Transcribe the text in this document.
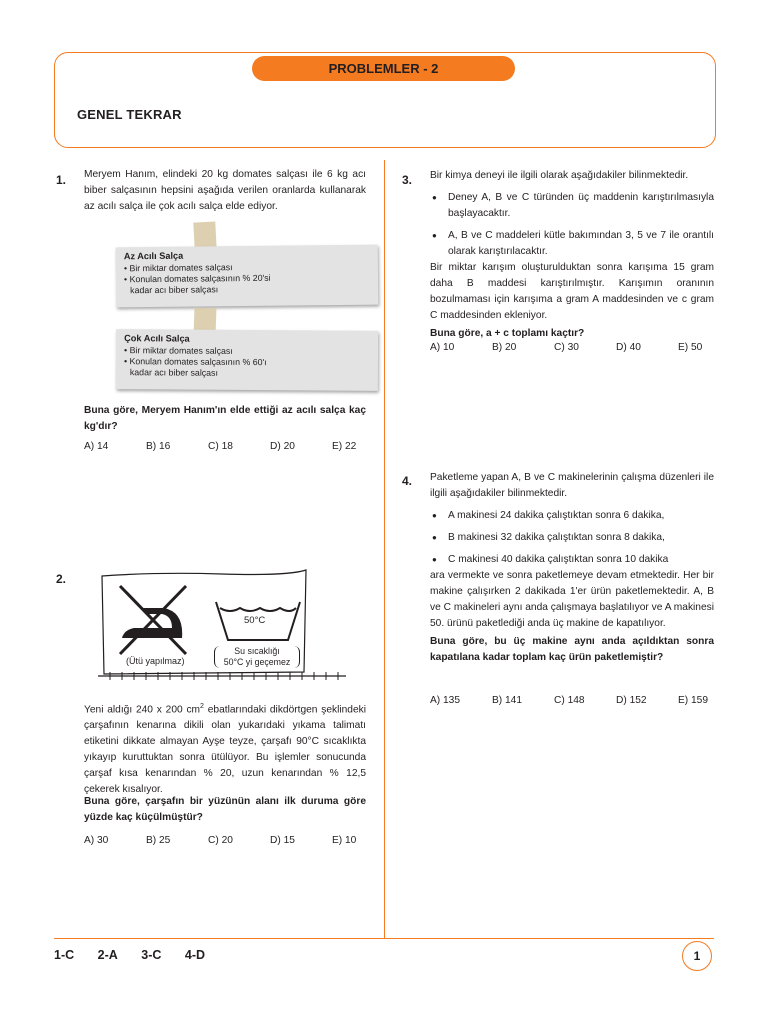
PROBLEMLER - 2
GENEL TEKRAR
1. Meryem Hanım, elindeki 20 kg domates salçası ile 6 kg acı biber salçasının hepsini aşağıda verilen oranlarda kullanarak az acılı salça ile çok acılı salça elde ediyor.

Az Acılı Salça
• Bir miktar domates salçası
• Konulan domates salçasının % 20'si
kadar acı biber salçası
Çok Acılı Salça
• Bir miktar domates salçası
• Konulan domates salçasının % 60'ı
kadar acı biber salçası

Buna göre, Meryem Hanım'ın elde ettiği az acılı salça kaç kg'dır?

A) 14	B) 16	C) 18	D) 20	E) 22
2.
50°C
(Ütü yapılmaz)
Su sıcaklığı
50°C yi geçemez

Yeni aldığı 240 x 200 $cm^2$ ebatlarındaki dikdörtgen şeklindeki çarşafının kenarına dikili olan yukarıdaki yıkama talimatı etiketini dikkate almayan Ayşe teyze, çarşafı 90°C sıcaklıkta yıkayıp kuruttuktan sonra ütülüyor. Bu işlemler sonucunda çarşaf kısa kenarından % 20, uzun kenarından % 12,5 çekerek kısalıyor.

Buna göre, çarşafın bir yüzünün alanı ilk duruma göre yüzde kaç küçülmüştür?

A) 30	B) 25	C) 20	D) 15	E) 10
3. Bir kimya deneyi ile ilgili olarak aşağıdakiler bilinmektedir.

● Deney A, B ve C türünden üç maddenin karıştırılmasıyla başlayacaktır.
● A, B ve C maddeleri kütle bakımından 3, 5 ve 7 ile orantılı olarak karıştırılacaktır.

Bir miktar karışım oluşturulduktan sonra karışıma 15 gram daha B maddesi karıştırılmıştır. Karışımın oranının bozulmaması için karışıma a gram A maddesinden ve c gram C maddesinden ekleniyor.

Buna göre, a + c toplamı kaçtır?

A) 10	B) 20	C) 30	D) 40	E) 50
4. Paketleme yapan A, B ve C makinelerinin çalışma düzenleri ile ilgili aşağıdakiler bilinmektedir.

● A makinesi 24 dakika çalıştıktan sonra 6 dakika,
● B makinesi 32 dakika çalıştıktan sonra 8 dakika,
● C makinesi 40 dakika çalıştıktan sonra 10 dakika

ara vermekte ve sonra paketlemeye devam etmektedir. Her bir makine çalışırken 2 dakikada 1'er ürün paketlemektedir. A, B ve C makineleri aynı anda çalışmaya başlatılıyor ve A makinesi 50. ürünü paketlediği anda üç makine de kapatılıyor.

Buna göre, bu üç makine aynı anda açıldıktan sonra kapatılana kadar toplam kaç ürün paketlemiştir?

A) 135	B) 141	C) 148	D) 152	E) 159
1-C 2-A 3-C 4-D	1
